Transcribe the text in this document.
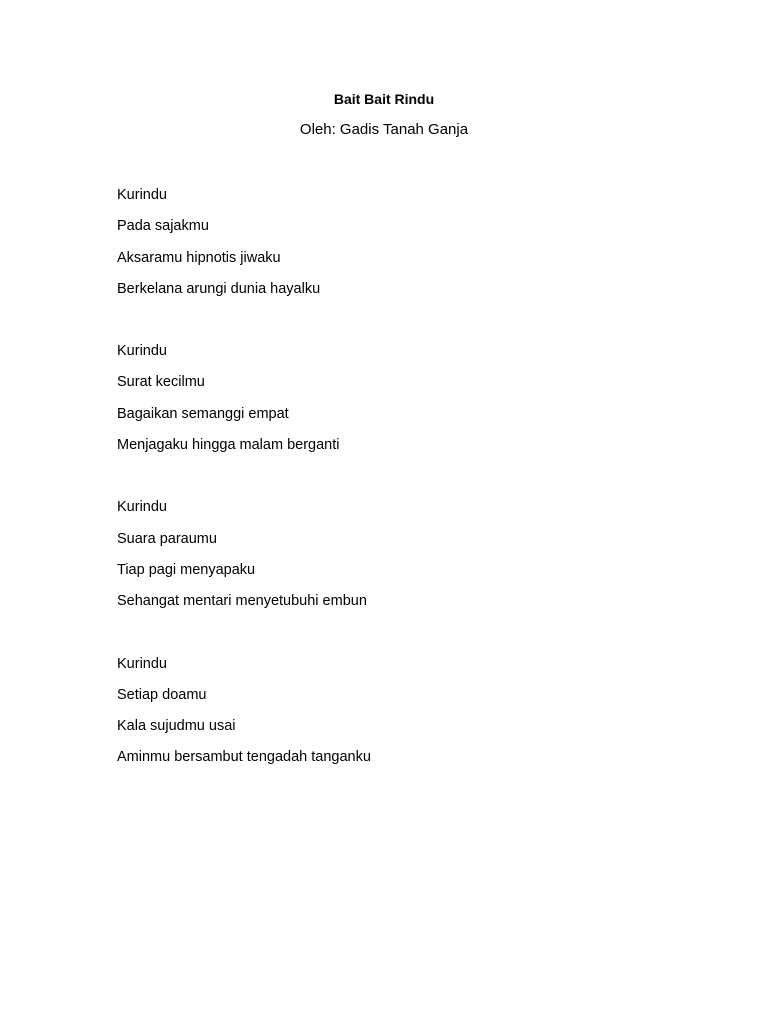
Bait Bait Rindu
Oleh: Gadis Tanah Ganja
Kurindu
Pada sajakmu
Aksaramu hipnotis jiwaku
Berkelana arungi dunia hayalku
Kurindu
Surat kecilmu
Bagaikan semanggi empat
Menjagaku hingga malam berganti
Kurindu
Suara paraumu
Tiap pagi menyapaku
Sehangat mentari menyetubuhi embun
Kurindu
Setiap doamu
Kala sujudmu usai
Aminmu bersambut tengadah tanganku
